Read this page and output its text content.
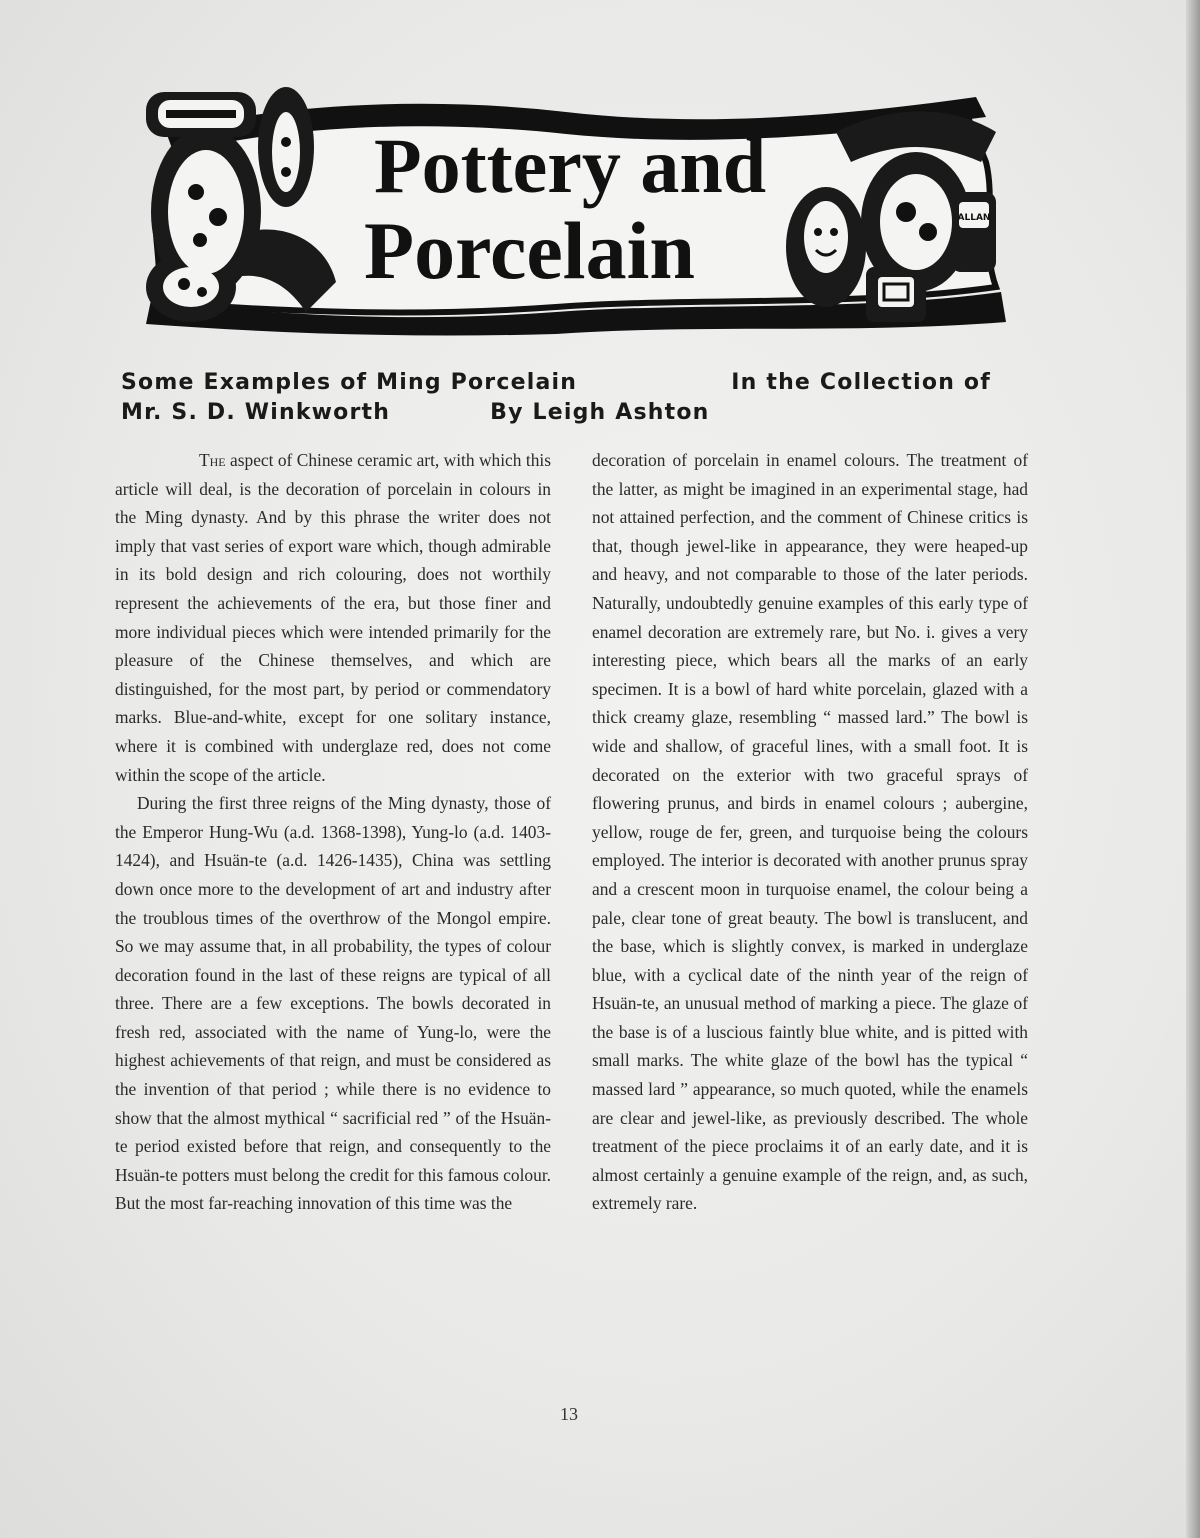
ALLAN
Pottery and
Porcelain
Some Examples of Ming Porcelain	In the Collection of
Mr. S. D. Winkworth	By Leigh Ashton

The aspect of Chinese ceramic art, with which this article will deal, is the decoration of porcelain in colours in the Ming dynasty. And by this phrase the writer does not imply that vast series of export ware which, though admirable in its bold design and rich colouring, does not worthily represent the achievements of the era, but those finer and more individual pieces which were intended primarily for the pleasure of the Chinese themselves, and which are distinguished, for the most part, by period or commendatory marks. Blue-and-white, except for one solitary instance, where it is combined with underglaze red, does not come within the scope of the article.

During the first three reigns of the Ming dynasty, those of the Emperor Hung-Wu (a.d. 1368-1398), Yung-lo (a.d. 1403-1424), and Hsuän-te (a.d. 1426-1435), China was settling down once more to the development of art and industry after the troublous times of the overthrow of the Mongol empire. So we may assume that, in all probability, the types of colour decoration found in the last of these reigns are typical of all three. There are a few exceptions. The bowls decorated in fresh red, associated with the name of Yung-lo, were the highest achievements of that reign, and must be considered as the invention of that period ; while there is no evidence to show that the almost mythical “ sacrificial red ” of the Hsuän-te period existed before that reign, and consequently to the Hsuän-te potters must belong the credit for this famous colour. But the most far-reaching innovation of this time was the

decoration of porcelain in enamel colours. The treatment of the latter, as might be imagined in an experimental stage, had not attained perfection, and the comment of Chinese critics is that, though jewel-like in appearance, they were heaped-up and heavy, and not comparable to those of the later periods. Naturally, undoubtedly genuine examples of this early type of enamel decoration are extremely rare, but No. i. gives a very interesting piece, which bears all the marks of an early specimen. It is a bowl of hard white porcelain, glazed with a thick creamy glaze, resembling “ massed lard.” The bowl is wide and shallow, of graceful lines, with a small foot. It is decorated on the exterior with two graceful sprays of flowering prunus, and birds in enamel colours ; aubergine, yellow, rouge de fer, green, and turquoise being the colours employed. The interior is decorated with another prunus spray and a crescent moon in turquoise enamel, the colour being a pale, clear tone of great beauty. The bowl is translucent, and the base, which is slightly convex, is marked in underglaze blue, with a cyclical date of the ninth year of the reign of Hsuän-te, an unusual method of marking a piece. The glaze of the base is of a luscious faintly blue white, and is pitted with small marks. The white glaze of the bowl has the typical “ massed lard ” appearance, so much quoted, while the enamels are clear and jewel-like, as previously described. The whole treatment of the piece proclaims it of an early date, and it is almost certainly a genuine example of the reign, and, as such, extremely rare.

13
